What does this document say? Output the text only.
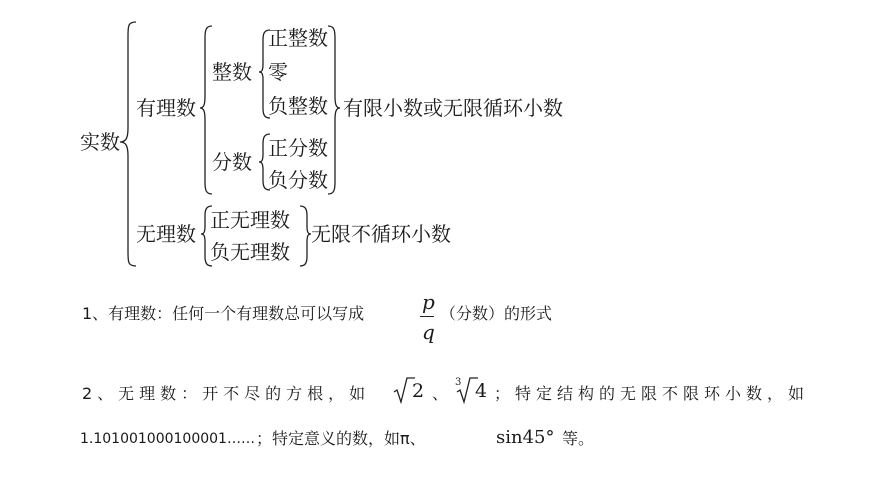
实数
有理数
整数
正整数
零
负整数 有限小数或无限循环小数
分数
正分数
负分数
无理数
正无理数
负无理数
无限不循环小数
1、有理数：任何一个有理数总可以写成	p
q
（分数）的形式
2、无理数：开不尽的方根，如 2 、
3 4 ；特定结构的无限不限环小数，如
1.101001000100001…… ；特定意义的数，如π、	sin45° 等。
